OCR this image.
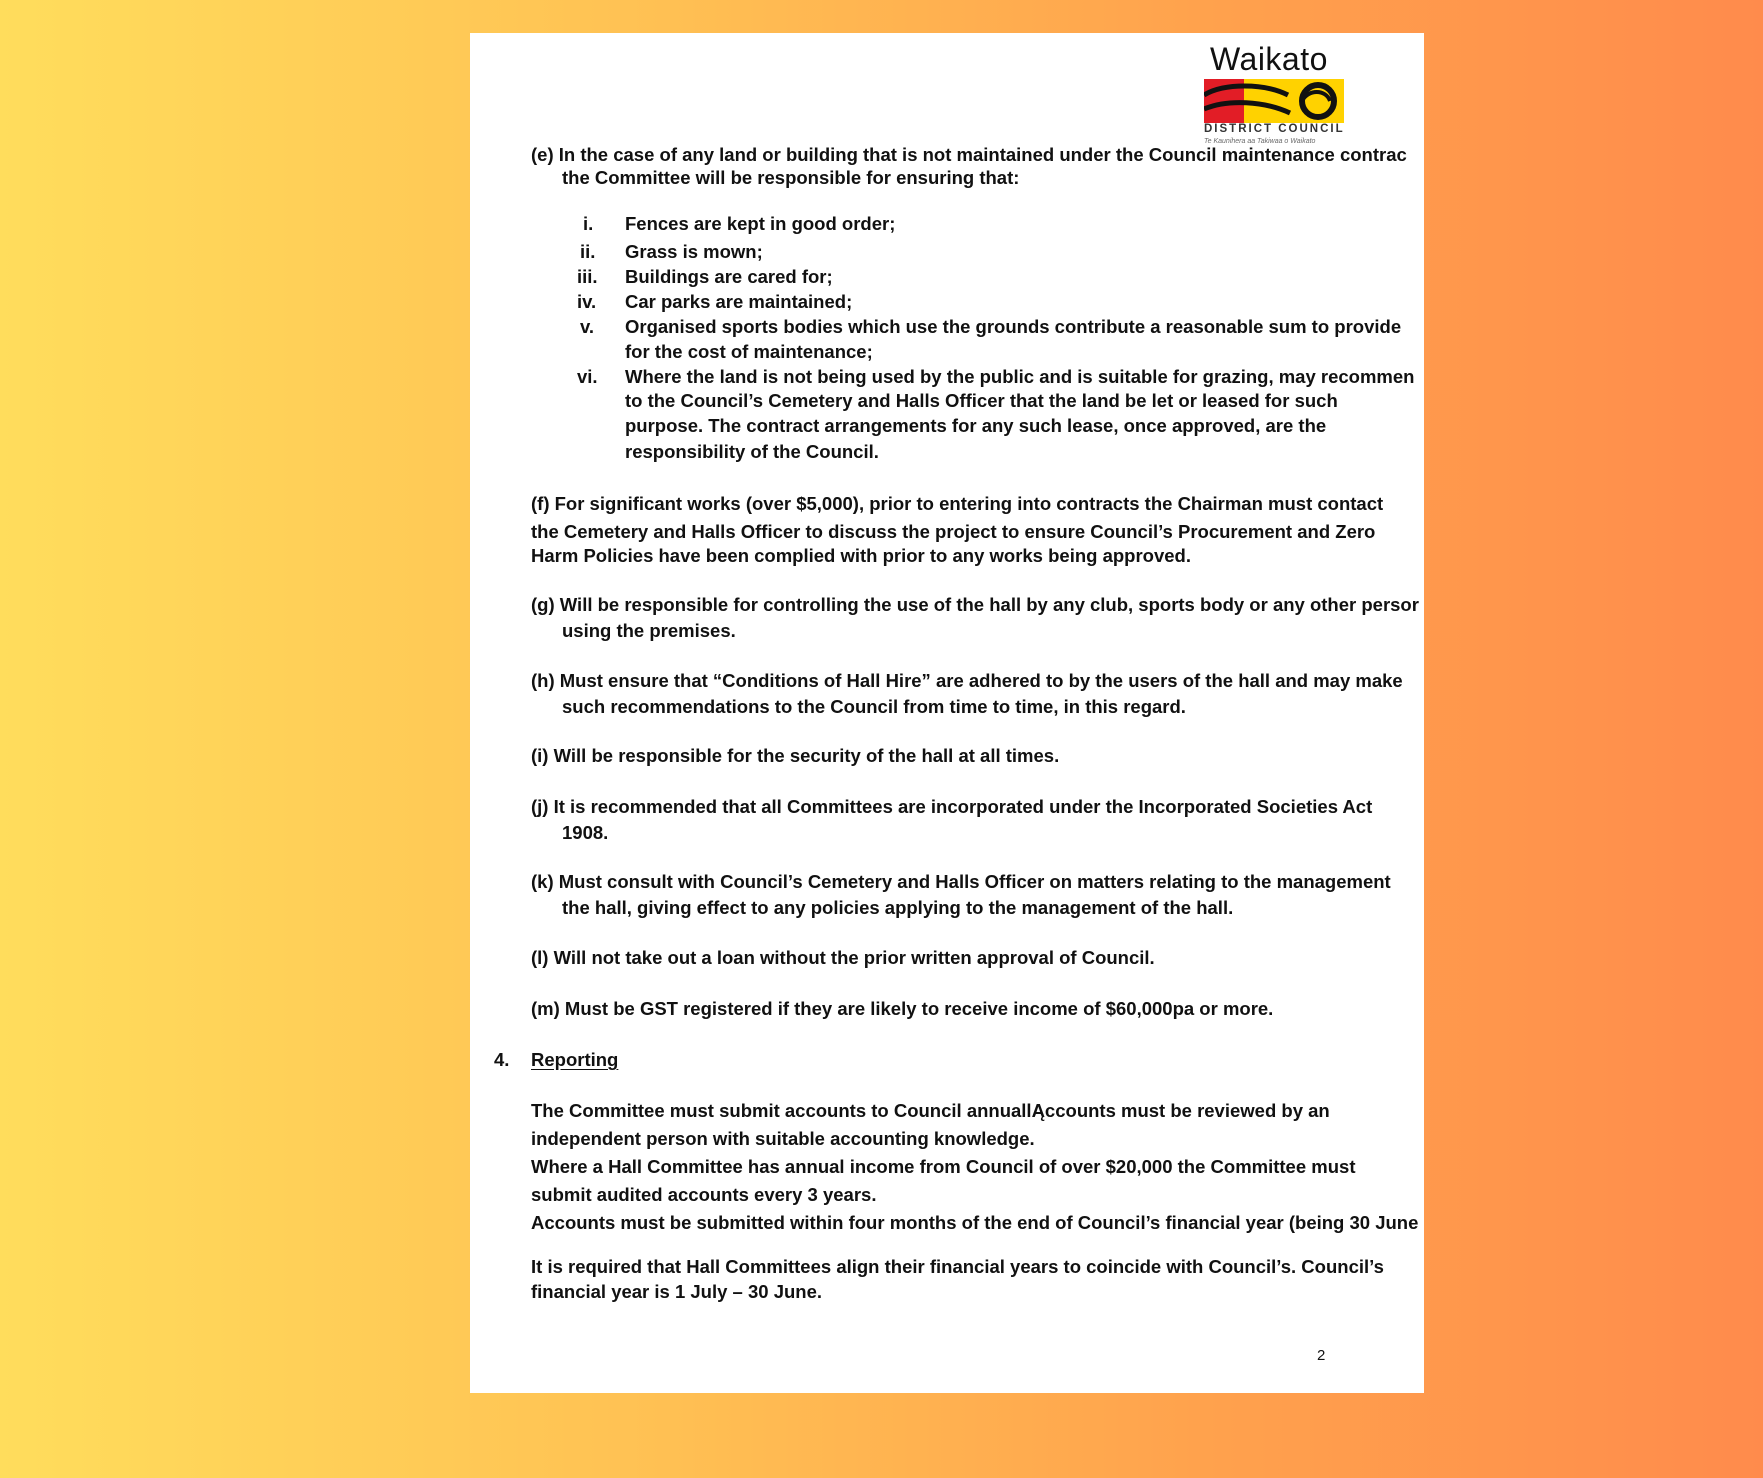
Waikato
DISTRICT COUNCIL
Te Kaunihera aa Takiwaa o Waikato
(e) In the case of any land or building that is not maintained under the Council maintenance contrac
the Committee will be responsible for ensuring that:
i. Fences are kept in good order;
ii. Grass is mown;
iii. Buildings are cared for;
iv. Car parks are maintained;
v. Organised sports bodies which use the grounds contribute a reasonable sum to provide
for the cost of maintenance;
vi. Where the land is not being used by the public and is suitable for grazing, may recommen
to the Council’s Cemetery and Halls Officer that the land be let or leased for such
purpose. The contract arrangements for any such lease, once approved, are the
responsibility of the Council.
(f) For significant works (over $5,000), prior to entering into contracts the Chairman must contact
the Cemetery and Halls Officer to discuss the project to ensure Council’s Procurement and Zero
Harm Policies have been complied with prior to any works being approved.
(g) Will be responsible for controlling the use of the hall by any club, sports body or any other persor
using the premises.
(h) Must ensure that “Conditions of Hall Hire” are adhered to by the users of the hall and may make
such recommendations to the Council from time to time, in this regard.
(i) Will be responsible for the security of the hall at all times.
(j) It is recommended that all Committees are incorporated under the Incorporated Societies Act
1908.
(k) Must consult with Council’s Cemetery and Halls Officer on matters relating to the management
the hall, giving effect to any policies applying to the management of the hall.
(l) Will not take out a loan without the prior written approval of Council.
(m) Must be GST registered if they are likely to receive income of $60,000pa or more.
4. Reporting
The Committee must submit accounts to Council annuallĄccounts must be reviewed by an
independent person with suitable accounting knowledge.
Where a Hall Committee has annual income from Council of over $20,000 the Committee must
submit audited accounts every 3 years.
Accounts must be submitted within four months of the end of Council’s financial year (being 30 June
It is required that Hall Committees align their financial years to coincide with Council’s. Council’s
financial year is 1 July – 30 June.
2
